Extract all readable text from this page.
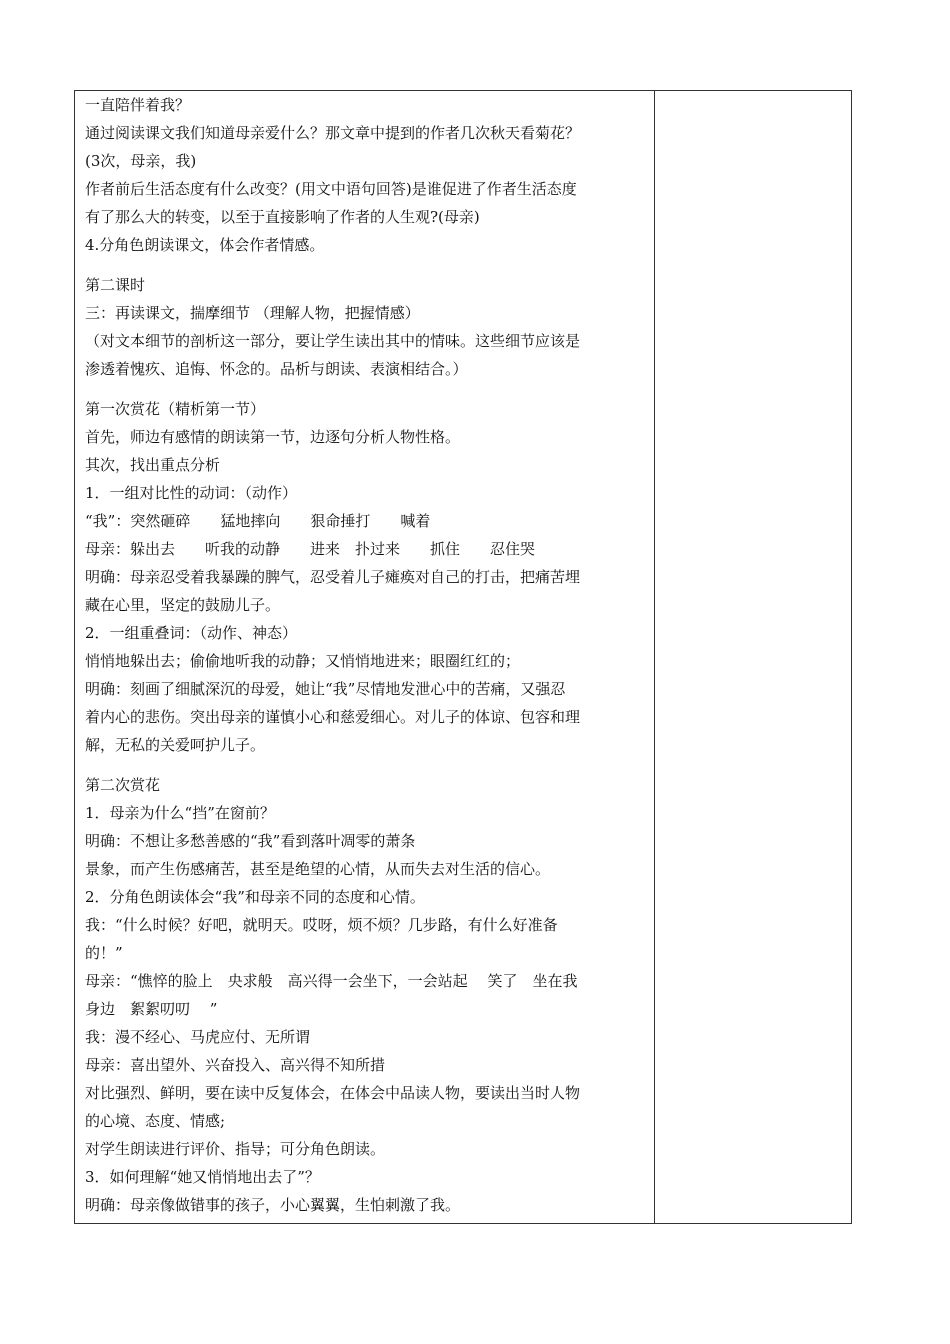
一直陪伴着我？
通过阅读课文我们知道母亲爱什么？那文章中提到的作者几次秋天看菊花？
(3次，母亲，我)
作者前后生活态度有什么改变？(用文中语句回答)是谁促进了作者生活态度
有了那么大的转变，以至于直接影响了作者的人生观?(母亲)
4.分角色朗读课文，体会作者情感。
第二课时
三：再读课文，揣摩细节 （理解人物，把握情感）
（对文本细节的剖析这一部分，要让学生读出其中的情味。这些细节应该是
渗透着愧疚、追悔、怀念的。品析与朗读、表演相结合。）
第一次赏花（精析第一节）
首先，师边有感情的朗读第一节，边逐句分析人物性格。
其次，找出重点分析
1．一组对比性的动词：（动作）
“我”：突然砸碎　　猛地摔向　　狠命捶打　　喊着
母亲：躲出去　　听我的动静　　进来　扑过来　　抓住　　忍住哭
明确：母亲忍受着我暴躁的脾气，忍受着儿子瘫痪对自己的打击，把痛苦埋
藏在心里，坚定的鼓励儿子。
2．一组重叠词：（动作、神态）
悄悄地躲出去；偷偷地听我的动静；又悄悄地进来；眼圈红红的；
明确：刻画了细腻深沉的母爱，她让“我”尽情地发泄心中的苦痛，又强忍
着内心的悲伤。突出母亲的谨慎小心和慈爱细心。对儿子的体谅、包容和理
解，无私的关爱呵护儿子。
第二次赏花
1．母亲为什么“挡”在窗前？
明确：不想让多愁善感的“我”看到落叶凋零的萧条
景象，而产生伤感痛苦，甚至是绝望的心情，从而失去对生活的信心。
2．分角色朗读体会“我”和母亲不同的态度和心情。
我：“什么时候？好吧，就明天。哎呀，烦不烦？几步路，有什么好准备
的！”
母亲：“憔悴的脸上　央求般　高兴得一会坐下，一会站起　 笑了　坐在我
身边　絮絮叨叨　 ”
我：漫不经心、马虎应付、无所谓
母亲：喜出望外、兴奋投入、高兴得不知所措
对比强烈、鲜明，要在读中反复体会，在体会中品读人物，要读出当时人物
的心境、态度、情感;
对学生朗读进行评价、指导；可分角色朗读。
3．如何理解“她又悄悄地出去了”？
明确：母亲像做错事的孩子，小心翼翼，生怕刺激了我。
